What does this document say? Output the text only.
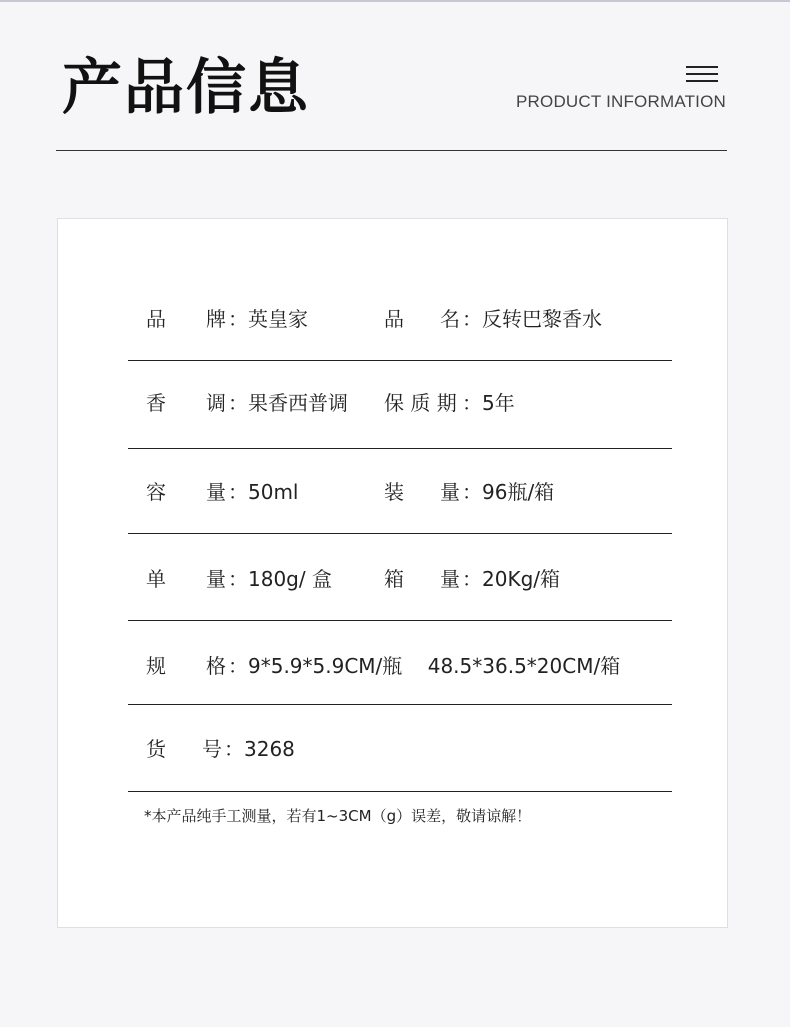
产品信息	PRODUCT INFORMATION
品 牌 ：英皇家	品 名 ：反转巴黎香水
香 调 ：果香西普调 保 质 期 ：5年
容 量 ：50ml	装 量 ：96瓶/箱
单 量 ：180g/ 盒	箱 量 ：20Kg/箱
规 格 ：9*5.9*5.9CM/瓶    48.5*36.5*20CM/箱
货 号 ：3268
*本产品纯手工测量，若有1~3CM（g）误差，敬请谅解！
